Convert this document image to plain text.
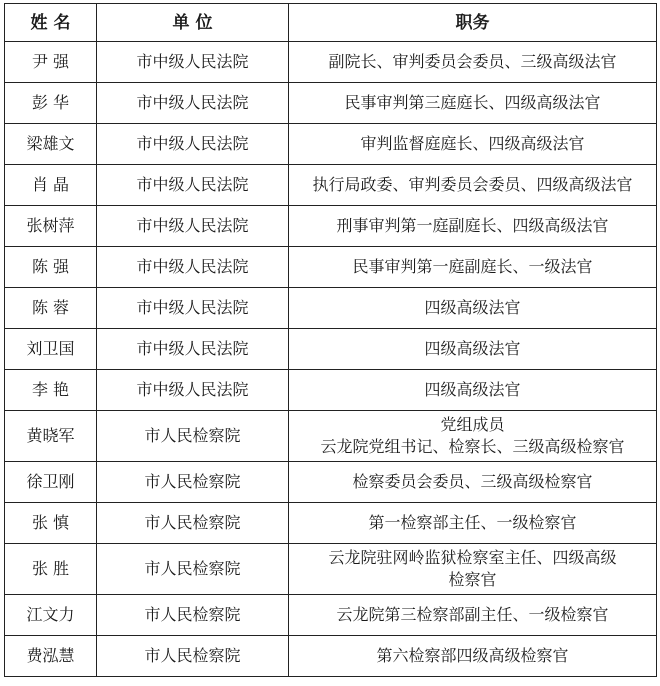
姓 名	单 位	职务
尹 强	市中级人民法院	副院长、审判委员会委员、三级高级法官

彭 华	市中级人民法院	民事审判第三庭庭长、四级高级法官

梁雄文	市中级人民法院	审判监督庭庭长、四级高级法官

肖 晶	市中级人民法院	执行局政委、审判委员会委员、四级高级法官

张树萍	市中级人民法院	刑事审判第一庭副庭长、四级高级法官

陈 强	市中级人民法院	民事审判第一庭副庭长、一级法官

陈 蓉	市中级人民法院	四级高级法官

刘卫国	市中级人民法院	四级高级法官

李 艳	市中级人民法院	四级高级法官

黄晓军	市人民检察院	党组成员
云龙院党组书记、检察长、三级高级检察官

徐卫刚	市人民检察院	检察委员会委员、三级高级检察官

张 慎	市人民检察院	第一检察部主任、一级检察官

张 胜	市人民检察院	云龙院驻网岭监狱检察室主任、四级高级
检察官

江文力	市人民检察院	云龙院第三检察部副主任、一级检察官

费泓慧	市人民检察院	第六检察部四级高级检察官
